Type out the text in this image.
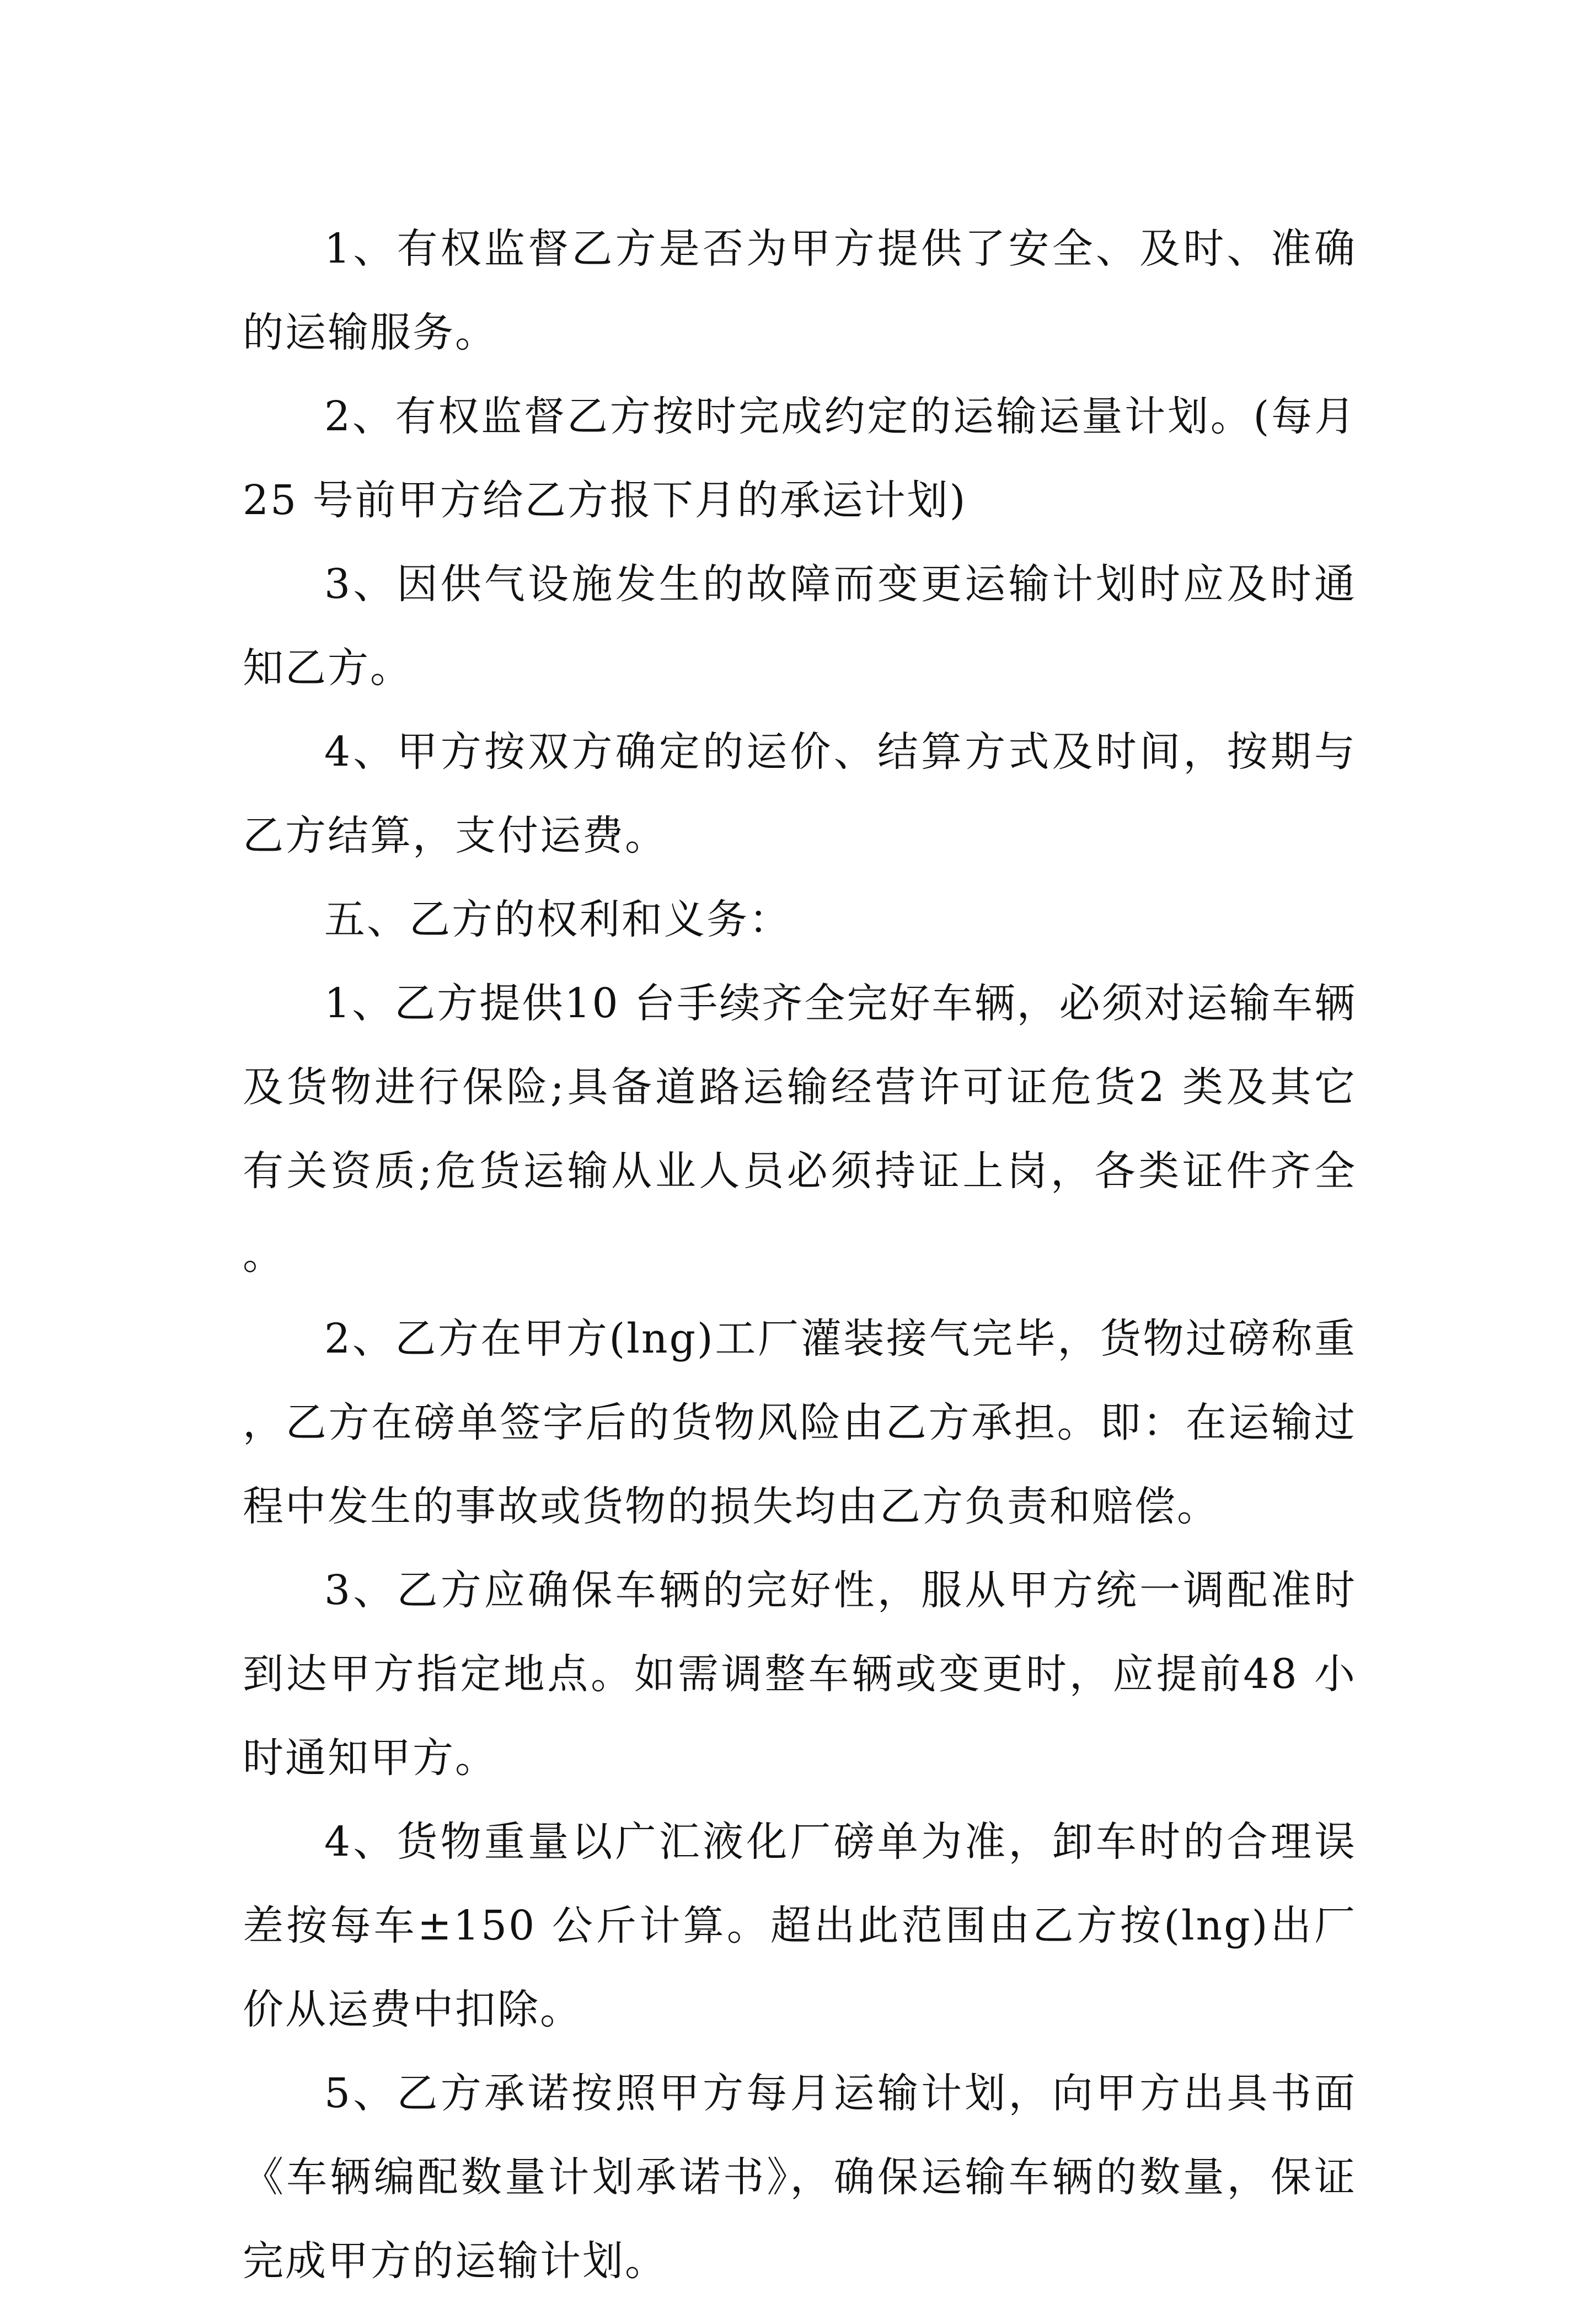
1、有权监督乙方是否为甲方提供了安全、及时、准确的运输服务。

2、有权监督乙方按时完成约定的运输运量计划。(每月25 号前甲方给乙方报下月的承运计划)

3、因供气设施发生的故障而变更运输计划时应及时通知乙方。

4、甲方按双方确定的运价、结算方式及时间，按期与乙方结算，支付运费。

五、乙方的权利和义务：

1、乙方提供10 台手续齐全完好车辆，必须对运输车辆及货物进行保险;具备道路运输经营许可证危货2 类及其它有关资质;危货运输从业人员必须持证上岗，各类证件齐全。

2、乙方在甲方(lng)工厂灌装接气完毕，货物过磅称重，乙方在磅单签字后的货物风险由乙方承担。即：在运输过程中发生的事故或货物的损失均由乙方负责和赔偿。

3、乙方应确保车辆的完好性，服从甲方统一调配准时到达甲方指定地点。如需调整车辆或变更时，应提前48 小时通知甲方。

4、货物重量以广汇液化厂磅单为准，卸车时的合理误差按每车±150 公斤计算。超出此范围由乙方按(lng)出厂价从运费中扣除。

5、乙方承诺按照甲方每月运输计划，向甲方出具书面《车辆编配数量计划承诺书》，确保运输车辆的数量，保证完成甲方的运输计划。
